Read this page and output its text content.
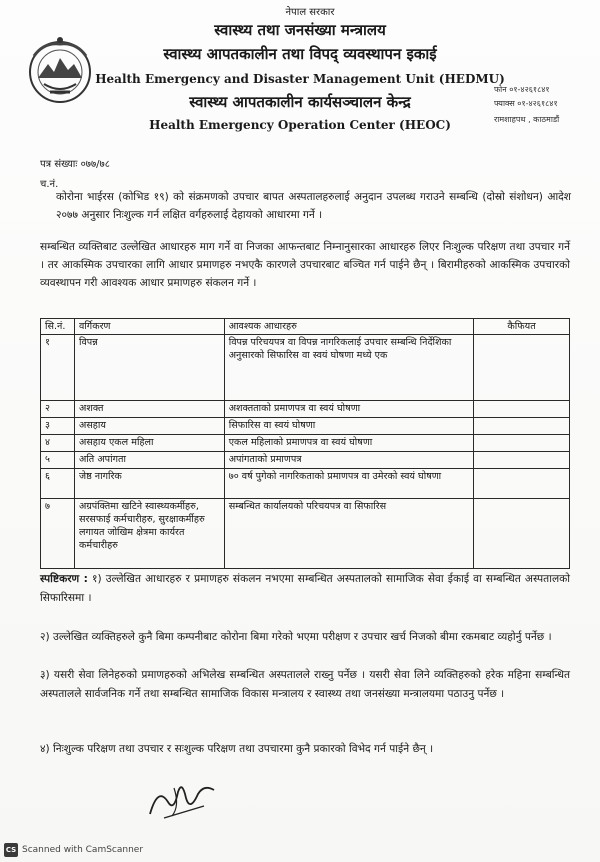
नेपाल सरकार
स्वास्थ्य तथा जनसंख्या मन्त्रालय
स्वास्थ्य आपतकालीन तथा विपद् व्यवस्थापन इकाई
Health Emergency and Disaster Management Unit (HEDMU)
स्वास्थ्य आपतकालीन कार्यसञ्चालन केन्द्र
Health Emergency Operation Center (HEOC)
फोन ०१-४२६१८४१
फ्याक्स ०१-४२६१८४१
रामशाहपथ , काठमाडौं
पत्र संख्याः ०७७/७८
च.नं.
कोरोना भाईरस (कोभिड १९) को संक्रमणको उपचार बापत अस्पतालहरुलाई अनुदान उपलब्ध गराउने सम्बन्धि (दोस्रो संशोधन) आदेश २०७७ अनुसार निःशुल्क गर्न लक्षित वर्गहरुलाई देहायको आधारमा गर्ने ।
सम्बन्धित व्यक्तिबाट उल्लेखित आधारहरु माग गर्ने वा निजका आफन्तबाट निम्नानुसारका आधारहरु लिएर निःशुल्क परिक्षण तथा उपचार गर्ने । तर आकस्मिक उपचारका लागि आधार प्रमाणहरु नभएकै कारणले उपचारबाट बञ्चित गर्न पाईने छैन् । बिरामीहरुको आकस्मिक उपचारको व्यवस्थापन गरी आवश्यक आधार प्रमाणहरु संकलन गर्ने ।
सि.नं.	वर्गिकरण	आवश्यक आधारहरु	कैफियत
१	विपन्न	विपन्न परिचयपत्र वा विपन्न नागरिकलाई उपचार सम्बन्धि निर्देशिका अनुसारको सिफारिस वा स्वयं घोषणा मध्ये एक	
२	अशक्त	अशक्तताको प्रमाणपत्र वा स्वयं घोषणा	
३	असहाय	सिफारिस वा स्वयं घोषणा	
४	असहाय एकल महिला	एकल महिलाको प्रमाणपत्र वा स्वयं घोषणा	
५	अति अपांगता	अपांगताको प्रमाणपत्र	
६	जेष्ठ नागरिक	७० वर्ष पुगेको नागरिकताको प्रमाणपत्र वा उमेरको स्वयं घोषणा	
७	अग्रपंक्तिमा खटिने स्वास्थ्यकर्मीहरु, सरसफाई कर्मचारीहरु, सुरक्षाकर्मीहरु लगायत जोखिम क्षेत्रमा कार्यरत कर्मचारीहरु	सम्बन्धित कार्यालयको परिचयपत्र वा सिफारिस	
स्पष्टिकरण : १) उल्लेखित आधारहरु र प्रमाणहरु संकलन नभएमा सम्बन्धित अस्पतालको सामाजिक सेवा ईकाई वा सम्बन्धित अस्पतालको सिफारिसमा ।
२) उल्लेखित व्यक्तिहरुले कुनै बिमा कम्पनीबाट कोरोना बिमा गरेको भएमा परीक्षण र उपचार खर्च निजको बीमा रकमबाट व्यहोर्नु पर्नेछ ।
३) यसरी सेवा लिनेहरुको प्रमाणहरुको अभिलेख सम्बन्धित अस्पतालले राख्नु पर्नेछ । यसरी सेवा लिने व्यक्तिहरुको हरेक महिना सम्बन्धित अस्पतालले सार्वजनिक गर्ने तथा सम्बन्धित सामाजिक विकास मन्त्रालय र स्वास्थ्य तथा जनसंख्या मन्त्रालयमा पठाउनु पर्नेछ ।
४) निःशुल्क परिक्षण तथा उपचार र सःशुल्क परिक्षण तथा उपचारमा कुनै प्रकारको विभेद गर्न पाईने छैन् ।
CS Scanned with CamScanner
